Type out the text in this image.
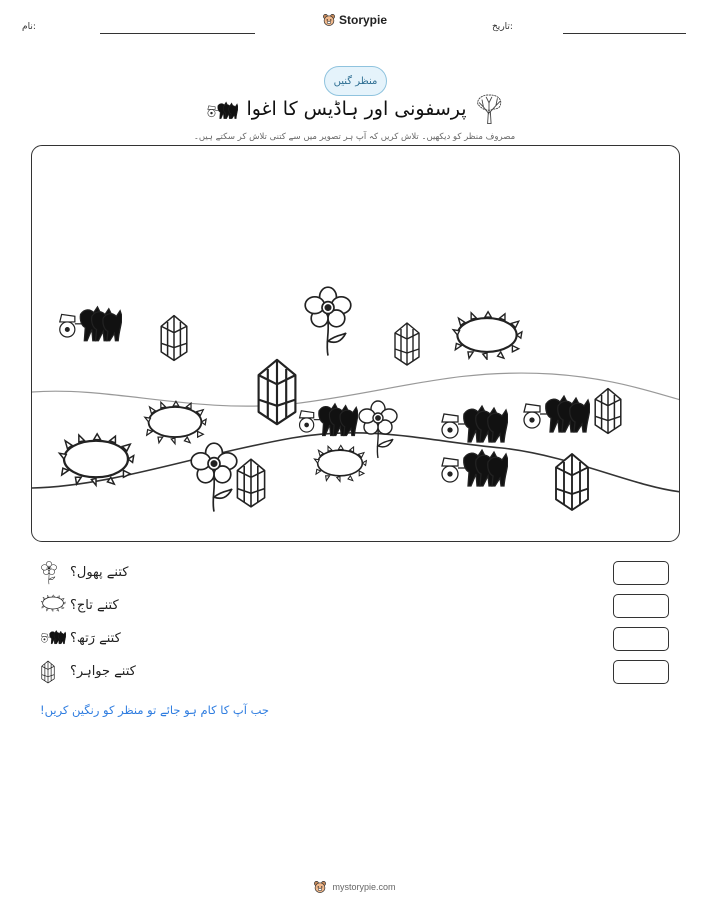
نام:	Storypie	تاریخ:
منظر گنیں
پرسفونی اور ہاڈیس کا اغوا
مصروف منظر کو دیکھیں۔ تلاش کریں کہ آپ ہر تصویر میں سے کتنی تلاش کر سکتے ہیں۔
کتنے پھول؟
کتنے تاج؟
کتنے رَتھ؟
کتنے جواہر؟
جب آپ کا کام ہو جائے تو منظر کو رنگین کریں!
mystorypie.com
